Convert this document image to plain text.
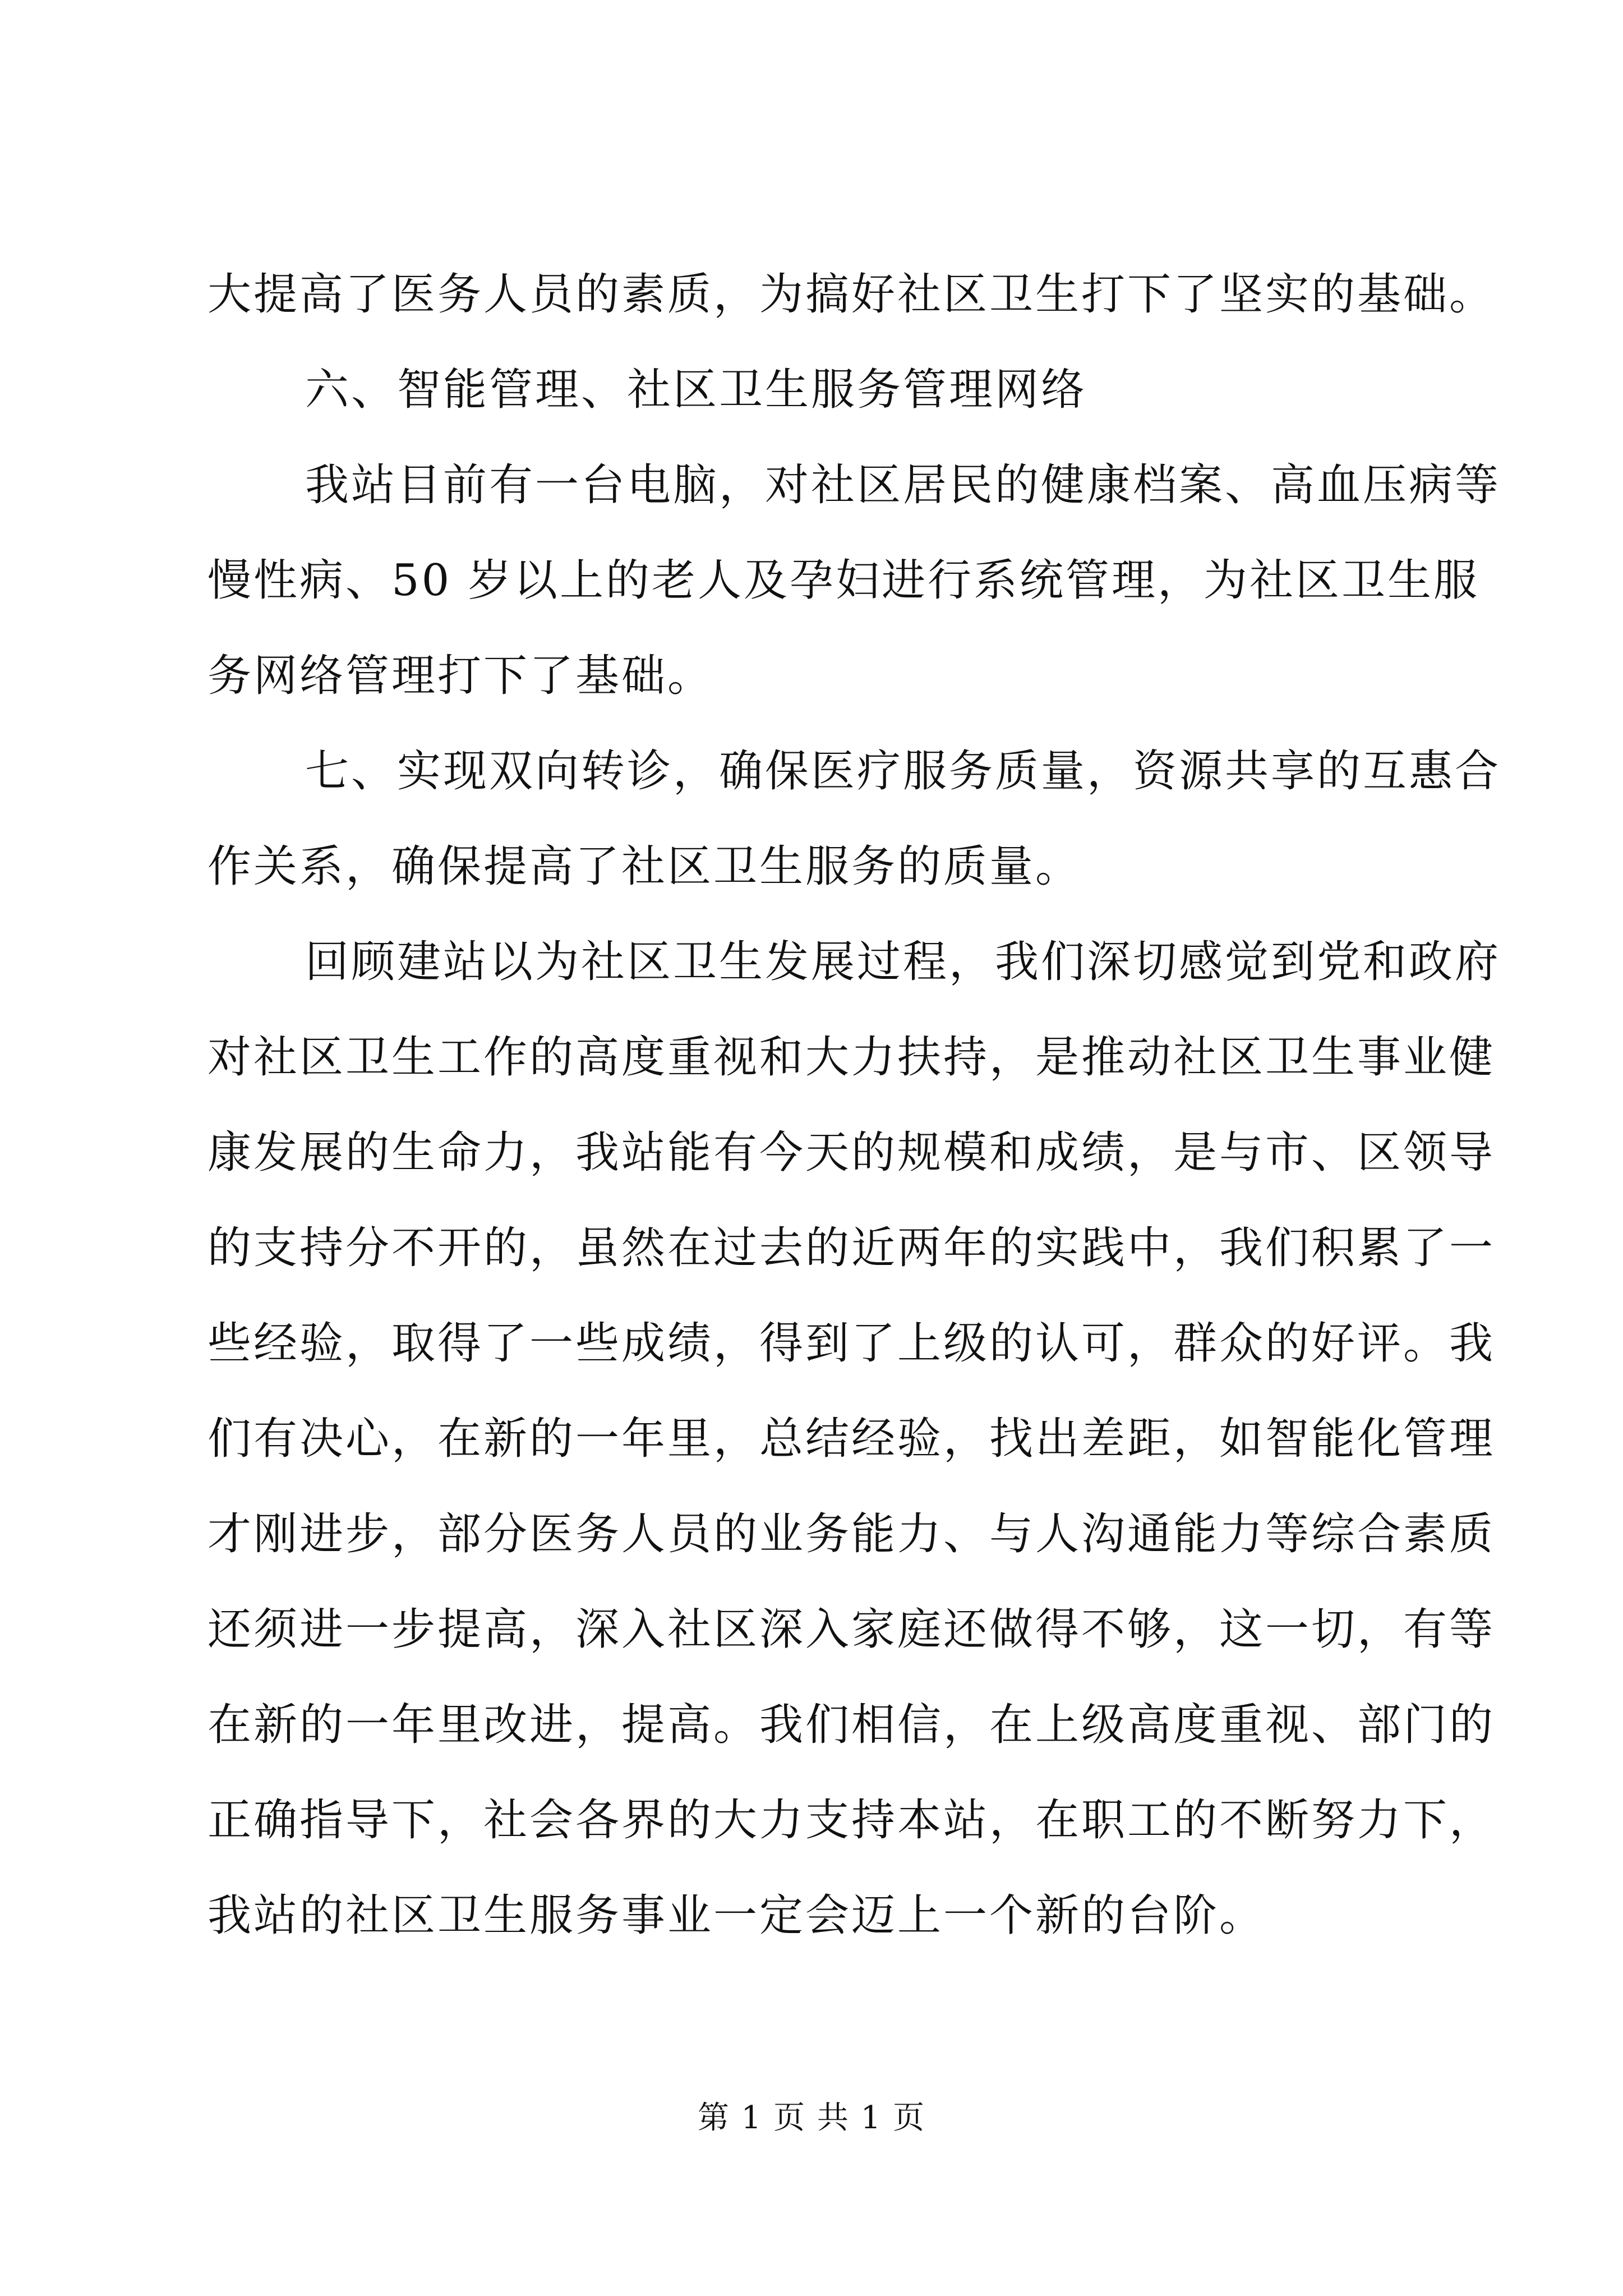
大提高了医务人员的素质，为搞好社区卫生打下了坚实的基础。
六、智能管理、社区卫生服务管理网络
我站目前有一台电脑，对社区居民的健康档案、高血压病等
慢性病、50 岁以上的老人及孕妇进行系统管理，为社区卫生服
务网络管理打下了基础。
七、实现双向转诊，确保医疗服务质量，资源共享的互惠合
作关系，确保提高了社区卫生服务的质量。
回顾建站以为社区卫生发展过程，我们深切感觉到党和政府
对社区卫生工作的高度重视和大力扶持，是推动社区卫生事业健
康发展的生命力，我站能有今天的规模和成绩，是与市、区领导
的支持分不开的，虽然在过去的近两年的实践中，我们积累了一
些经验，取得了一些成绩，得到了上级的认可，群众的好评。我
们有决心，在新的一年里，总结经验，找出差距，如智能化管理
才刚进步，部分医务人员的业务能力、与人沟通能力等综合素质
还须进一步提高，深入社区深入家庭还做得不够，这一切，有等
在新的一年里改进，提高。我们相信，在上级高度重视、部门的
正确指导下，社会各界的大力支持本站，在职工的不断努力下，
我站的社区卫生服务事业一定会迈上一个新的台阶。
第 1 页 共 1 页
